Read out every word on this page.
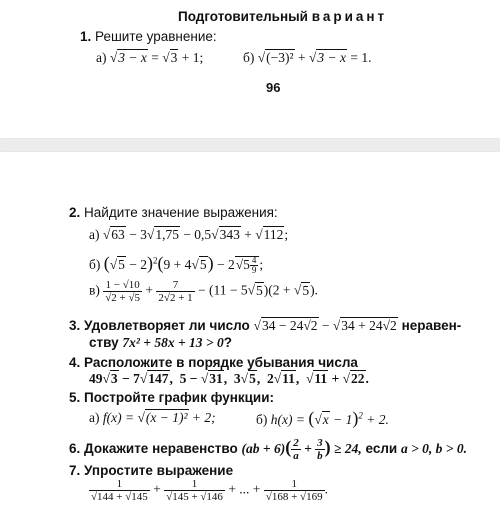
Подготовительный вариант
1. Решите уравнение:
а) √3 − x = √3 + 1;	б) √(−3)² + √3 − x = 1.
96
2. Найдите значение выражения:
а) √63 − 3√1,75 − 0,5√343 + √112;
б) $(√5 - 2)^2(9 + 4√5) - 2√5 \frac{4}{9}$ ;
$в) \frac{1 - √10}{√2 + √5} + \frac{7}{2√2 + 1} - (11 - 5√5)(2 + √5)$.
3. Удовлетворяет ли число √34 − 24√2 − √34 + 24√2 неравен-
ству 7x² + 58x + 13 > 0?
4. Расположите в порядке убывания числа
49√3 − 7√147,  5 − √31,  3√5,  2√11,  √11 + √22.
5. Постройте график функции:
а) f(x) = √(x − 1)² + 2;	б) $h(x) = (√x - 1)^2 + 2$.
6. Докажите неравенство $(ab + 6)( \frac{2}{a} + \frac{3}{b}$ ) ≥ 24, если a > 0, b > 0.
7. Упростите выражение
$\frac{1}{√144 + √145} + \frac{1}{√145 + √146}$ + ... + $\frac{1}{√168 + √169}$ .
